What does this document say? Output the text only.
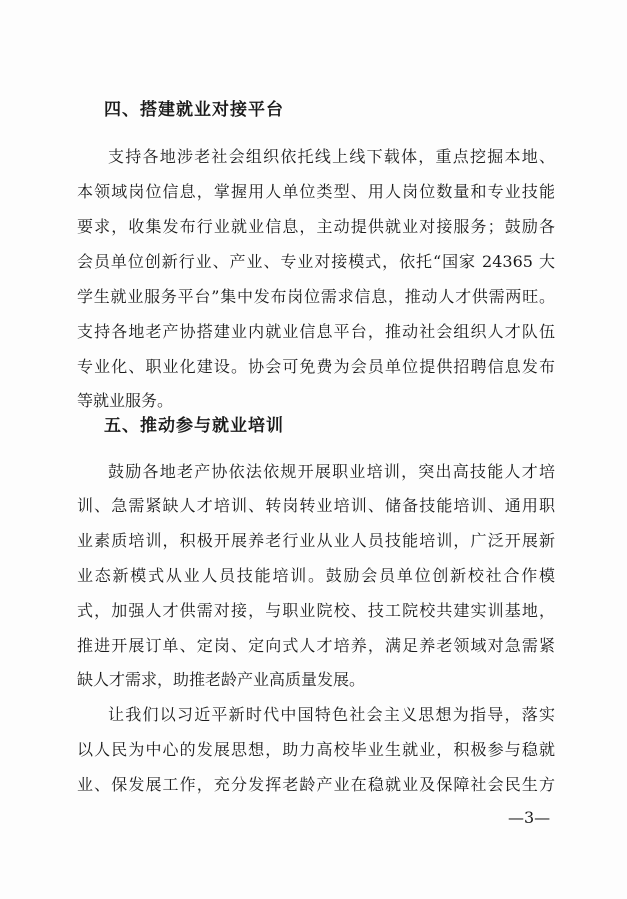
四、搭建就业对接平台
支持各地涉老社会组织依托线上线下载体，重点挖掘本地、
本领域岗位信息，掌握用人单位类型、用人岗位数量和专业技能
要求，收集发布行业就业信息，主动提供就业对接服务；鼓励各
会员单位创新行业、产业、专业对接模式，依托“国家 24365 大
学生就业服务平台”集中发布岗位需求信息，推动人才供需两旺。
支持各地老产协搭建业内就业信息平台，推动社会组织人才队伍
专业化、职业化建设。协会可免费为会员单位提供招聘信息发布
等就业服务。
五、推动参与就业培训
鼓励各地老产协依法依规开展职业培训，突出高技能人才培
训、急需紧缺人才培训、转岗转业培训、储备技能培训、通用职
业素质培训，积极开展养老行业从业人员技能培训，广泛开展新
业态新模式从业人员技能培训。鼓励会员单位创新校社合作模
式，加强人才供需对接，与职业院校、技工院校共建实训基地，
推进开展订单、定岗、定向式人才培养，满足养老领域对急需紧
缺人才需求，助推老龄产业高质量发展。
让我们以习近平新时代中国特色社会主义思想为指导，落实
以人民为中心的发展思想，助力高校毕业生就业，积极参与稳就
业、保发展工作，充分发挥老龄产业在稳就业及保障社会民生方
—3—
